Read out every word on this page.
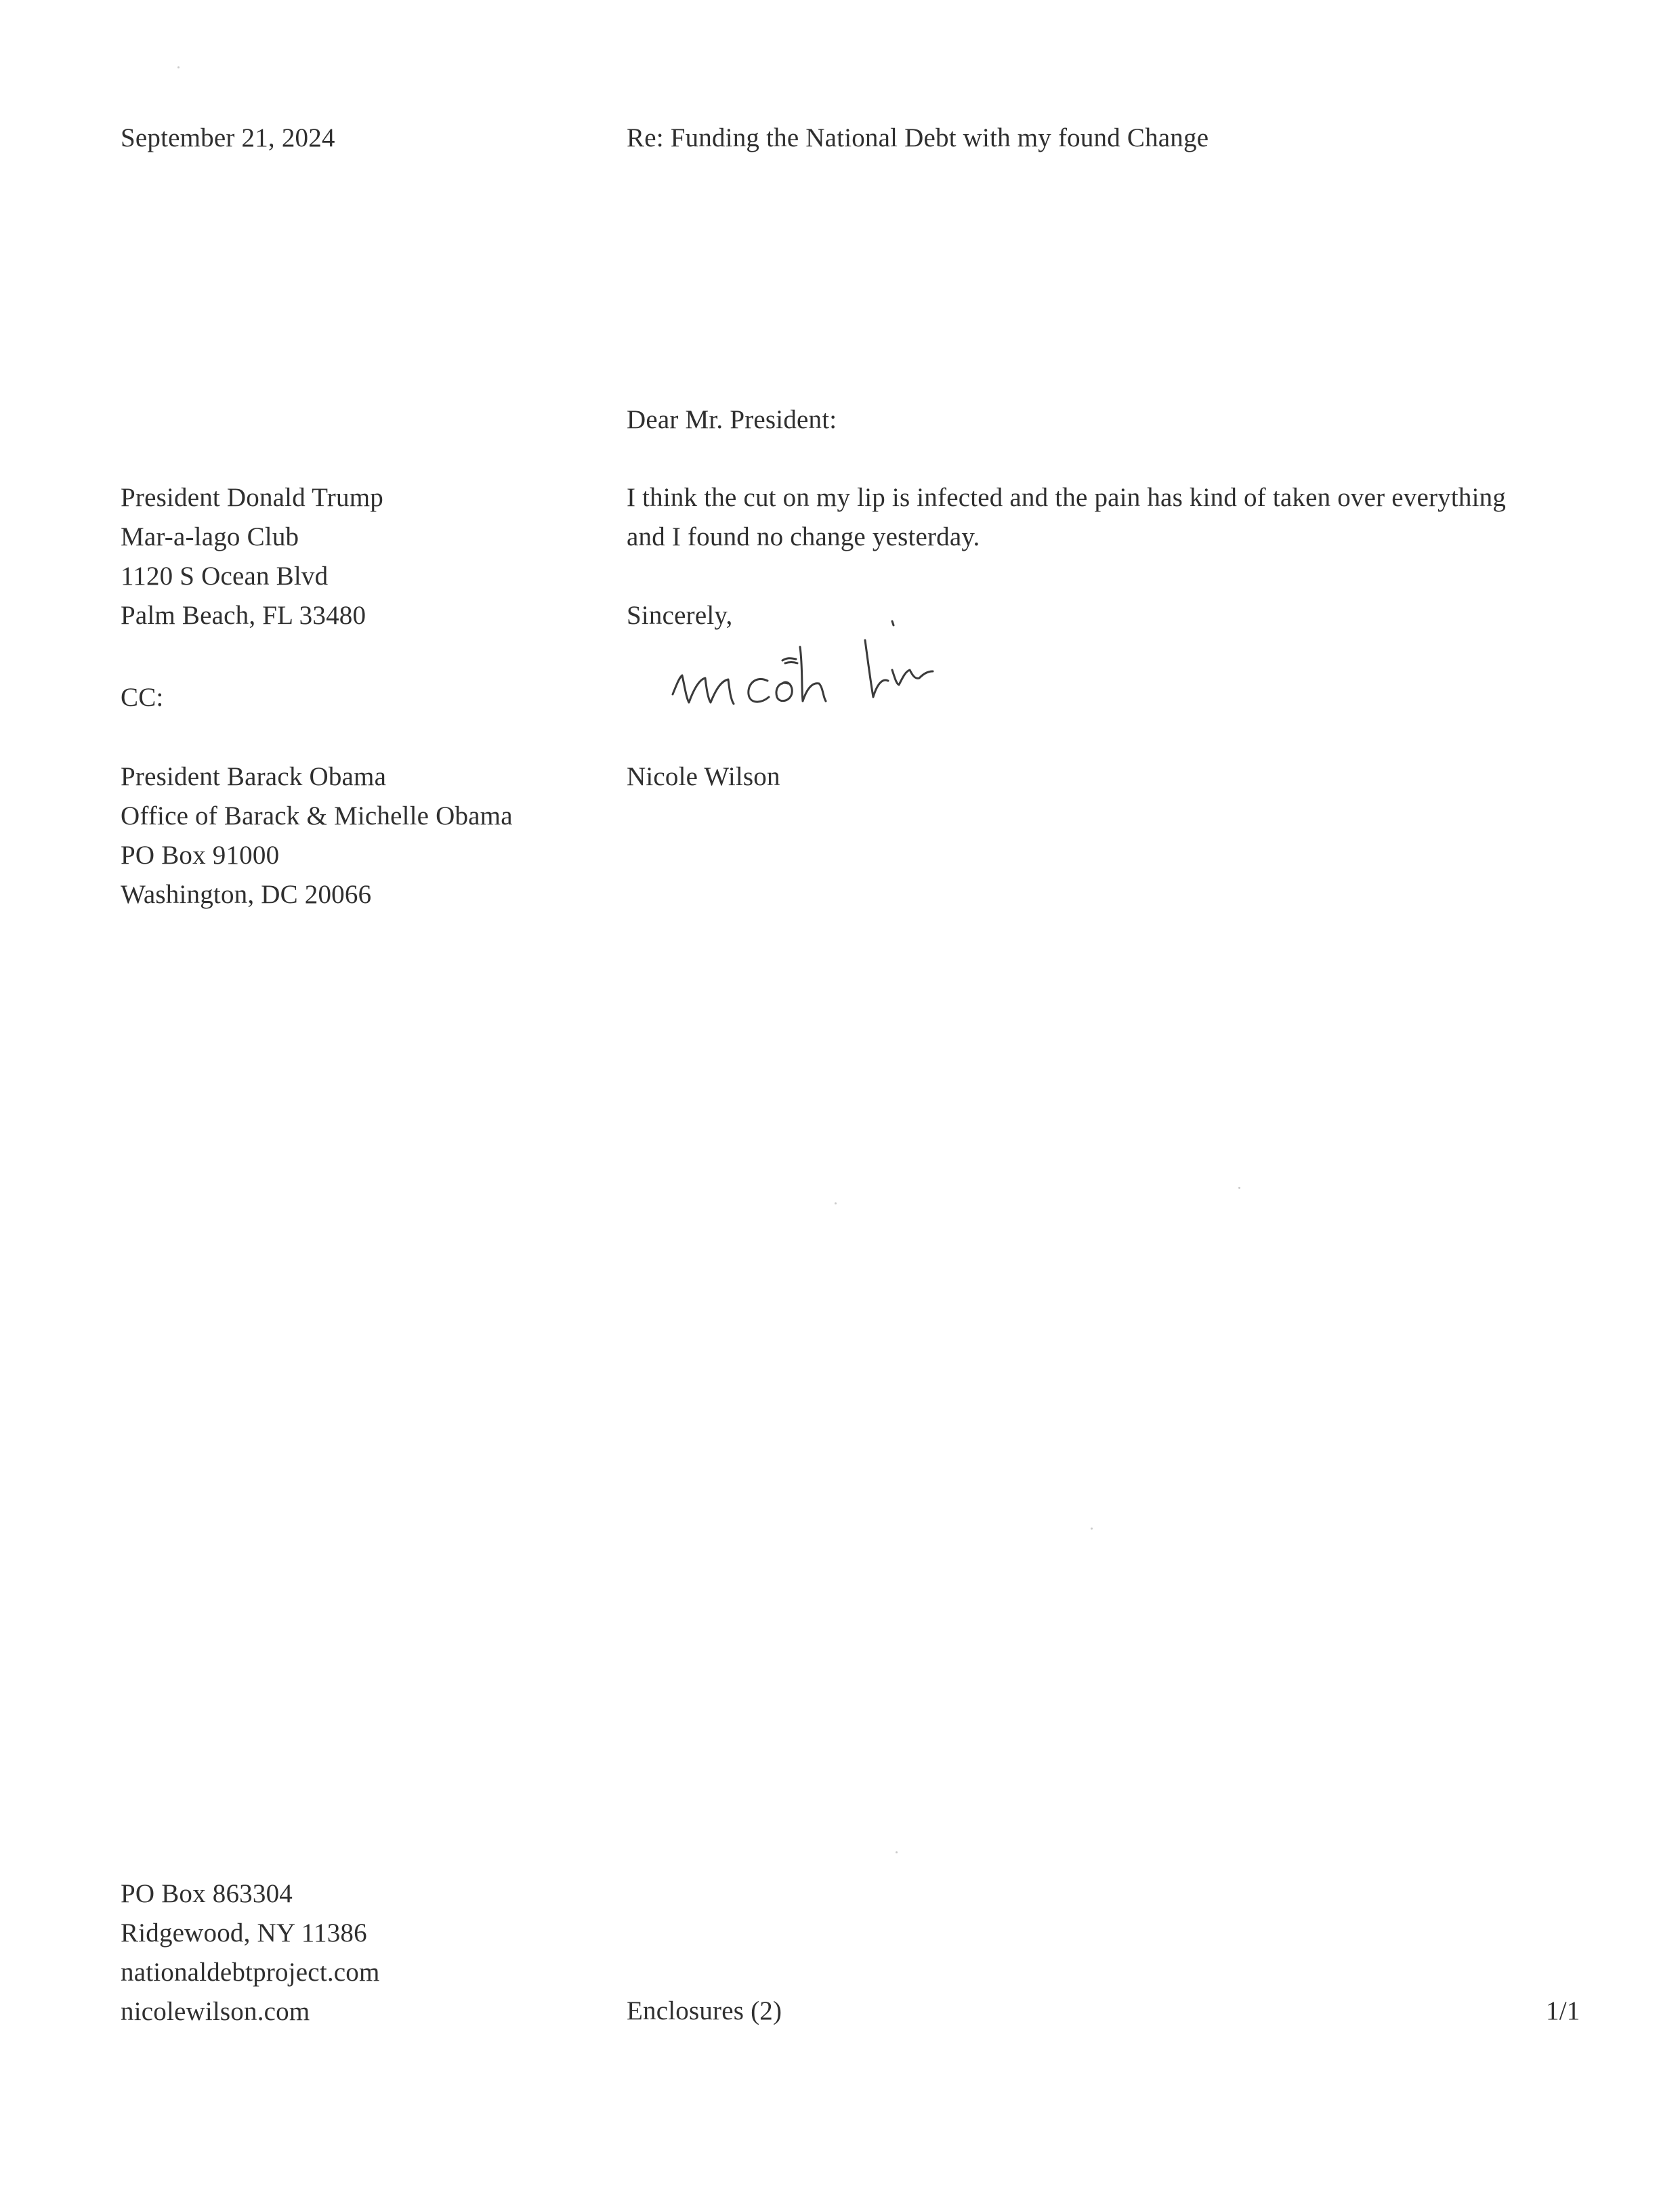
September 21, 2024	Re: Funding the National Debt with my found Change
Dear Mr. President:
President Donald Trump
Mar-a-lago Club
1120 S Ocean Blvd
Palm Beach, FL 33480
I think the cut on my lip is infected and the pain has kind of taken over everything
and I found no change yesterday.
Sincerely,
CC:
Nicole Wilson
President Barack Obama
Office of Barack & Michelle Obama
PO Box 91000
Washington, DC 20066
PO Box 863304
Ridgewood, NY 11386
nationaldebtproject.com
nicolewilson.com	Enclosures (2)	1/1
